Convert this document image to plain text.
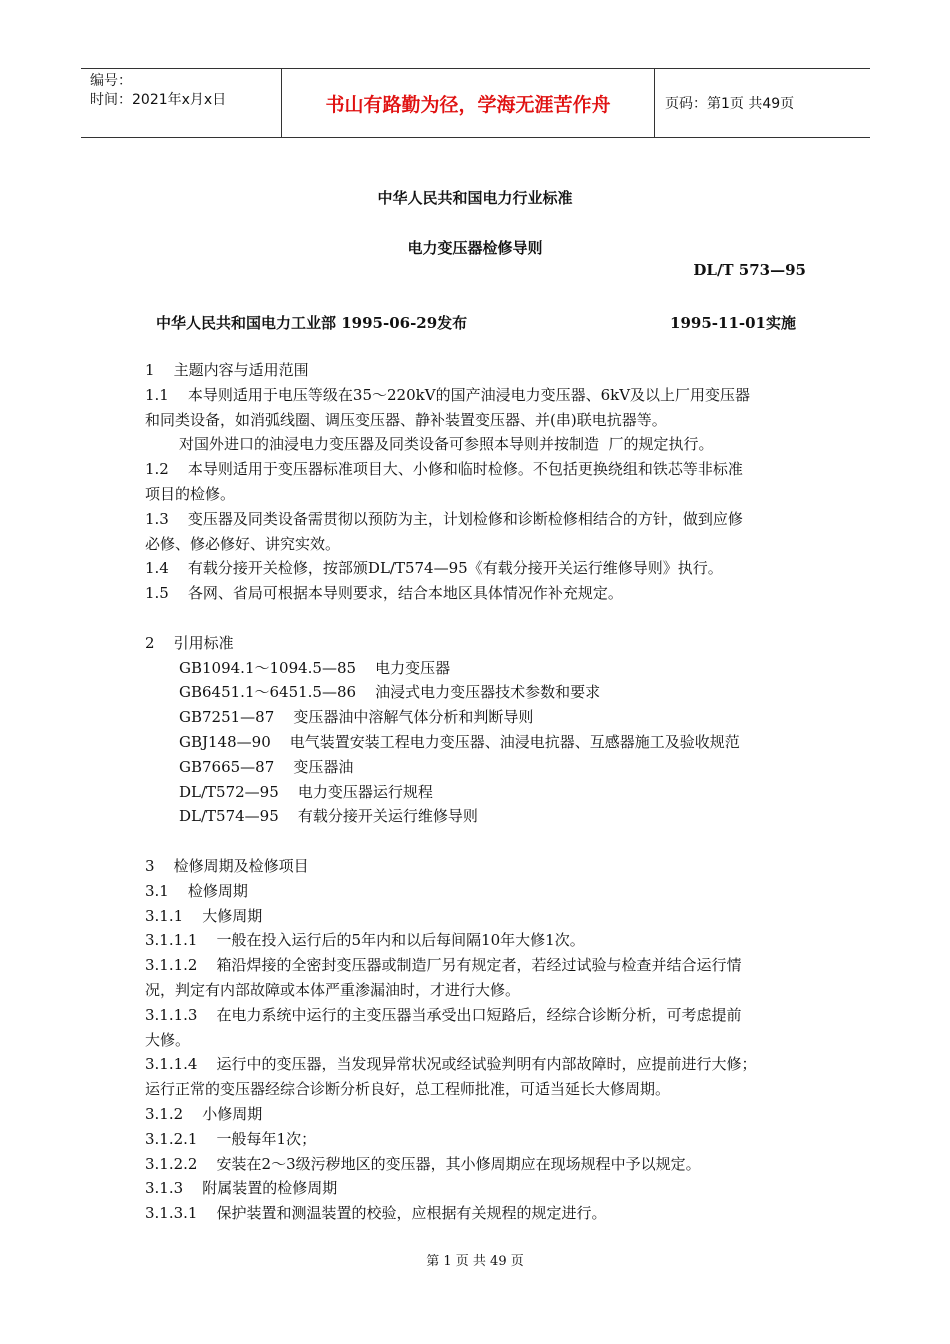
编号：
时间：2021年x月x日	书山有路勤为径，学海无涯苦作舟	页码：第1页 共49页
中华人民共和国电力行业标准
电力变压器检修导则
DL/T 573—95
中华人民共和国电力工业部 1995-06-29发布	1995-11-01实施

1    主题内容与适用范围

1.1    本导则适用于电压等级在35～220kV的国产油浸电力变压器、6kV及以上厂用变压器

和同类设备，如消弧线圈、调压变压器、静补装置变压器、并(串)联电抗器等。

对国外进口的油浸电力变压器及同类设备可参照本导则并按制造  厂的规定执行。

1.2    本导则适用于变压器标准项目大、小修和临时检修。不包括更换绕组和铁芯等非标准

项目的检修。

1.3    变压器及同类设备需贯彻以预防为主，计划检修和诊断检修相结合的方针，做到应修

必修、修必修好、讲究实效。

1.4    有载分接开关检修，按部颁DL/T574—95《有载分接开关运行维修导则》执行。

1.5    各网、省局可根据本导则要求，结合本地区具体情况作补充规定。

2    引用标准

GB1094.1～1094.5—85    电力变压器

GB6451.1～6451.5—86    油浸式电力变压器技术参数和要求

GB7251—87    变压器油中溶解气体分析和判断导则

GBJ148—90    电气装置安装工程电力变压器、油浸电抗器、互感器施工及验收规范

GB7665—87    变压器油

DL/T572—95    电力变压器运行规程

DL/T574—95    有载分接开关运行维修导则

3    检修周期及检修项目

3.1    检修周期

3.1.1    大修周期

3.1.1.1    一般在投入运行后的5年内和以后每间隔10年大修1次。

3.1.1.2    箱沿焊接的全密封变压器或制造厂另有规定者，若经过试验与检查并结合运行情

况，判定有内部故障或本体严重渗漏油时，才进行大修。

3.1.1.3    在电力系统中运行的主变压器当承受出口短路后，经综合诊断分析，可考虑提前

大修。

3.1.1.4    运行中的变压器，当发现异常状况或经试验判明有内部故障时，应提前进行大修；

运行正常的变压器经综合诊断分析良好，总工程师批准，可适当延长大修周期。

3.1.2    小修周期

3.1.2.1    一般每年1次；

3.1.2.2    安装在2～3级污秽地区的变压器，其小修周期应在现场规程中予以规定。

3.1.3    附属装置的检修周期

3.1.3.1    保护装置和测温装置的校验，应根据有关规程的规定进行。

第 1 页 共 49 页
